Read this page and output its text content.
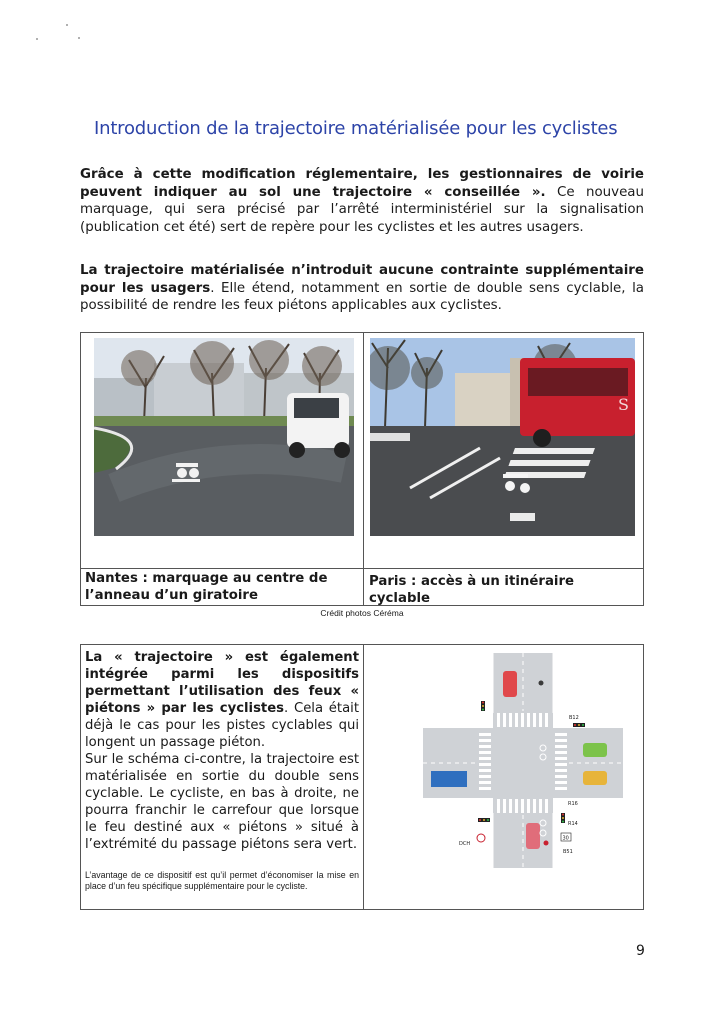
Introduction de la trajectoire matérialisée pour les cyclistes

Grâce à cette modification réglementaire, les gestionnaires de voirie peuvent indiquer au sol une trajectoire « conseillée ». Ce nouveau marquage, qui sera précisé par l’arrêté interministériel sur la signalisation (publication cet été) sert de repère pour les cyclistes et les autres usagers.

La trajectoire matérialisée n’introduit aucune contrainte supplémentaire pour les usagers. Elle étend, notamment en sortie de double sens cyclable, la possibilité de rendre les feux piétons applicables aux cyclistes.

S
Nantes : marquage au centre de l’anneau d’un giratoire
Paris : accès à un itinéraire cyclable
Crédit photos Céréma
La « trajectoire » est également
intégrée parmi les dispositifs permettant l’utilisation des feux « piétons » par les cyclistes. Cela était déjà le cas pour les pistes cyclables qui longent un passage piéton.
Sur le schéma ci-contre, la trajectoire est matérialisée en sortie du double sens cyclable. Le cycliste, en bas à droite, ne pourra franchir le carrefour que lorsque le feu destiné aux « piétons » situé à l’extrémité du passage piétons sera vert.
L’avantage de ce dispositif est qu’il permet d’économiser la mise en place d’un feu spécifique supplémentaire pour le cycliste.
B12
R16
R14
DCH
30
B51
9
